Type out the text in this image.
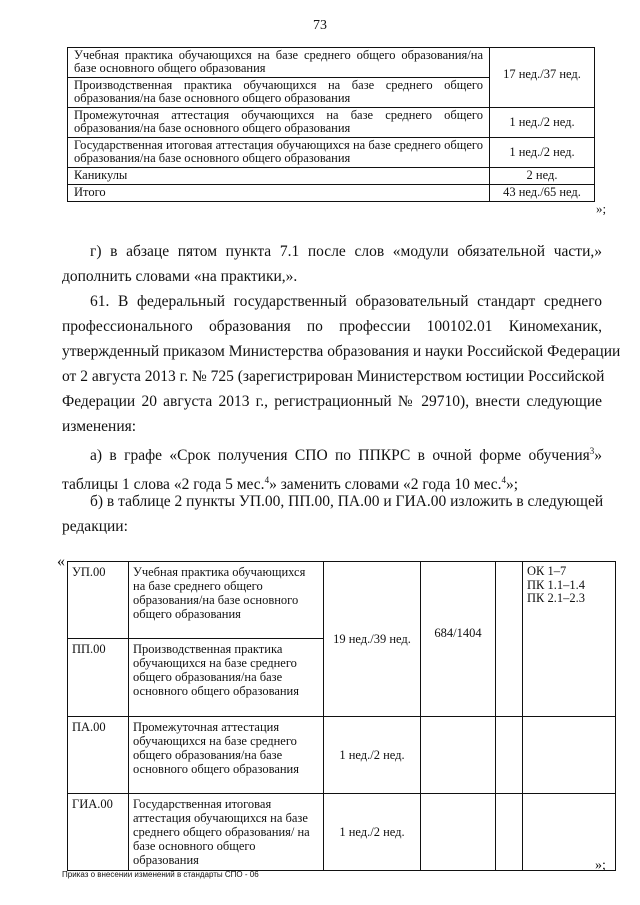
73
Учебная практика обучающихся на базе среднего общего образования/на базе основного общего образования	17 нед./37 нед.
Производственная практика обучающихся на базе среднего общего образования/на базе основного общего образования	
Промежуточная аттестация обучающихся на базе среднего общего образования/на базе основного общего образования	1 нед./2 нед.
Государственная итоговая аттестация обучающихся на базе среднего общего образования/на базе основного общего образования	1 нед./2 нед.
Каникулы	2 нед.
Итого	43 нед./65 нед.
»;
г) в абзаце пятом пункта 7.1 после слов «модули обязательной части,»
дополнить словами «на практики,».
61. В федеральный государственный образовательный стандарт среднего
профессионального образования по профессии 100102.01 Киномеханик,
утвержденный приказом Министерства образования и науки Российской Федерации
от 2 августа 2013 г. № 725 (зарегистрирован Министерством юстиции Российской
Федерации 20 августа 2013 г., регистрационный № 29710), внести следующие
изменения:
а) в графе «Срок получения СПО по ППКРС в очной форме обучения$^3$»
таблицы 1 слова «2 года 5 мес.$^4$» заменить словами «2 года 10 мес.$^4$»;
б) в таблице 2 пункты УП.00, ПП.00, ПА.00 и ГИА.00 изложить в следующей
редакции:
«
УП.00	Учебная практика обучающихся на базе среднего общего образования/на базе основного общего образования	19 нед./39 нед.	684/1404		ОК 1–7
ПК 1.1–1.4
ПК 2.1–2.3

ПП.00	Производственная практика обучающихся на базе среднего общего образования/на базе основного общего образования				
ПА.00	Промежуточная аттестация обучающихся на базе среднего общего образования/на базе основного общего образования	1 нед./2 нед.			
ГИА.00	Государственная итоговая аттестация обучающихся на базе среднего общего образования/ на базе основного общего образования	1 нед./2 нед.			
»;
Приказ о внесении изменений в стандарты СПО - 06
